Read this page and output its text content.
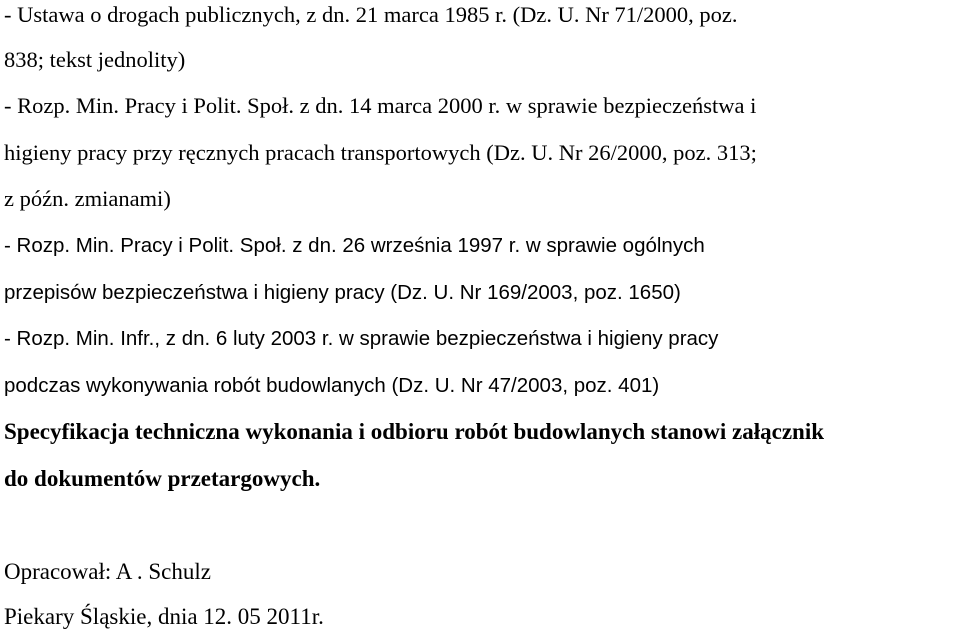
- Ustawa o drogach publicznych, z dn. 21 marca 1985 r. (Dz. U. Nr 71/2000, poz.
838; tekst jednolity)
- Rozp. Min. Pracy i Polit. Społ. z dn. 14 marca 2000 r. w sprawie bezpieczeństwa i
higieny pracy przy ręcznych pracach transportowych (Dz. U. Nr 26/2000, poz. 313;
z późn. zmianami)
- Rozp. Min. Pracy i Polit. Społ. z dn. 26 września 1997 r. w sprawie ogólnych
przepisów bezpieczeństwa i higieny pracy (Dz. U. Nr 169/2003, poz. 1650)
- Rozp. Min. Infr., z dn. 6 luty 2003 r. w sprawie bezpieczeństwa i higieny pracy
podczas wykonywania robót budowlanych (Dz. U. Nr 47/2003, poz. 401)
Specyfikacja techniczna wykonania i odbioru robót budowlanych stanowi załącznik
do dokumentów przetargowych.
Opracował: A . Schulz
Piekary Śląskie, dnia 12. 05 2011r.
